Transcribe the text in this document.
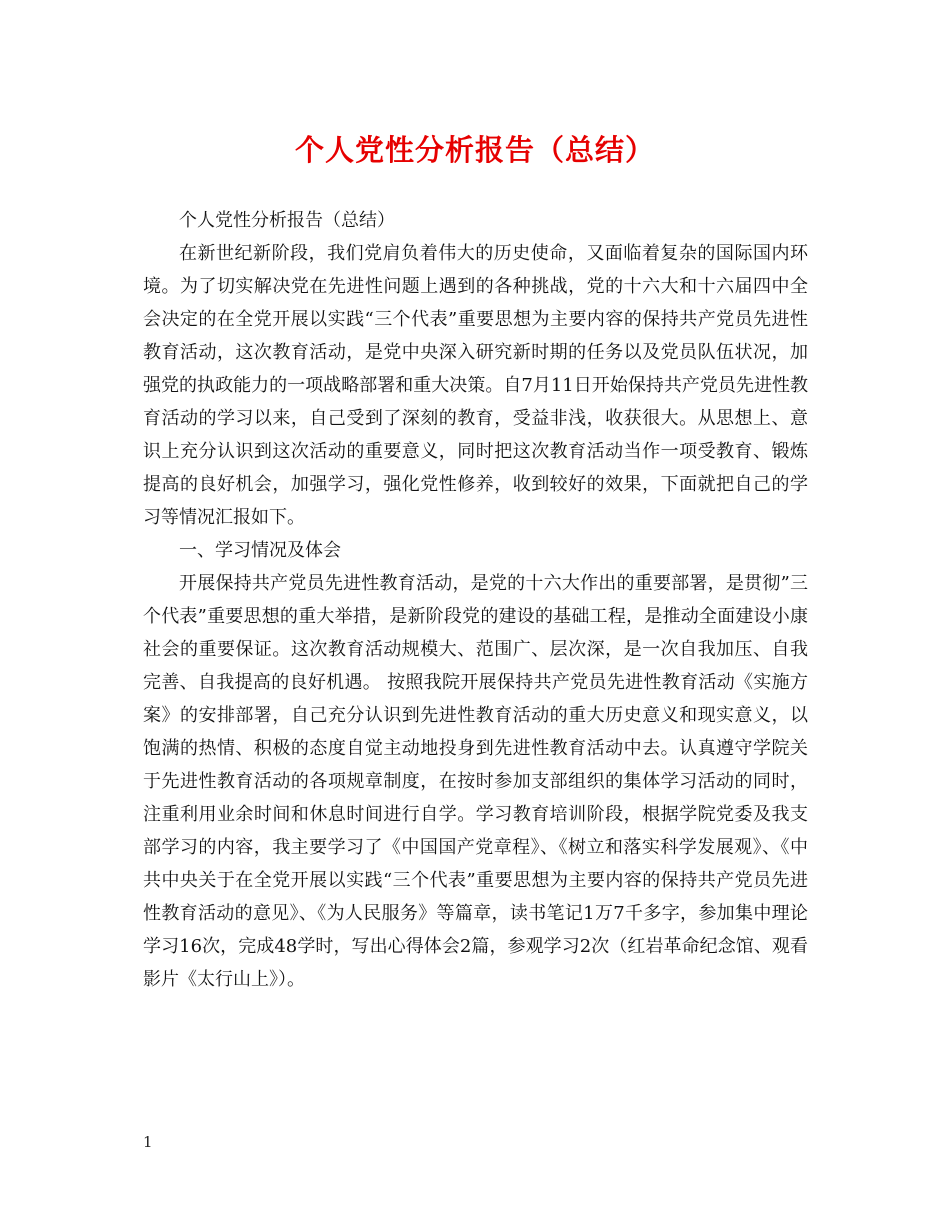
个人党性分析报告（总结）

个人党性分析报告（总结）

在新世纪新阶段，我们党肩负着伟大的历史使命，又面临着复杂的国际国内环境。为了切实解决党在先进性问题上遇到的各种挑战，党的十六大和十六届四中全会决定的在全党开展以实践“三个代表”重要思想为主要内容的保持共产党员先进性教育活动，这次教育活动，是党中央深入研究新时期的任务以及党员队伍状况，加强党的执政能力的一项战略部署和重大决策。自7月11日开始保持共产党员先进性教育活动的学习以来，自己受到了深刻的教育，受益非浅，收获很大。从思想上、意识上充分认识到这次活动的重要意义，同时把这次教育活动当作一项受教育、锻炼提高的良好机会，加强学习，强化党性修养，收到较好的效果，下面就把自己的学习等情况汇报如下。

一、学习情况及体会

开展保持共产党员先进性教育活动，是党的十六大作出的重要部署，是贯彻”三个代表”重要思想的重大举措，是新阶段党的建设的基础工程，是推动全面建设小康社会的重要保证。这次教育活动规模大、范围广、层次深，是一次自我加压、自我完善、自我提高的良好机遇。 按照我院开展保持共产党员先进性教育活动《实施方案》的安排部署，自己充分认识到先进性教育活动的重大历史意义和现实意义，以饱满的热情、积极的态度自觉主动地投身到先进性教育活动中去。认真遵守学院关于先进性教育活动的各项规章制度，在按时参加支部组织的集体学习活动的同时，注重利用业余时间和休息时间进行自学。学习教育培训阶段，根据学院党委及我支部学习的内容，我主要学习了《中国国产党章程》、《树立和落实科学发展观》、《中共中央关于在全党开展以实践“三个代表”重要思想为主要内容的保持共产党员先进性教育活动的意见》、《为人民服务》等篇章，读书笔记1万7千多字，参加集中理论学习16次，完成48学时，写出心得体会2篇，参观学习2次（红岩革命纪念馆、观看影片《太行山上》）。

1
